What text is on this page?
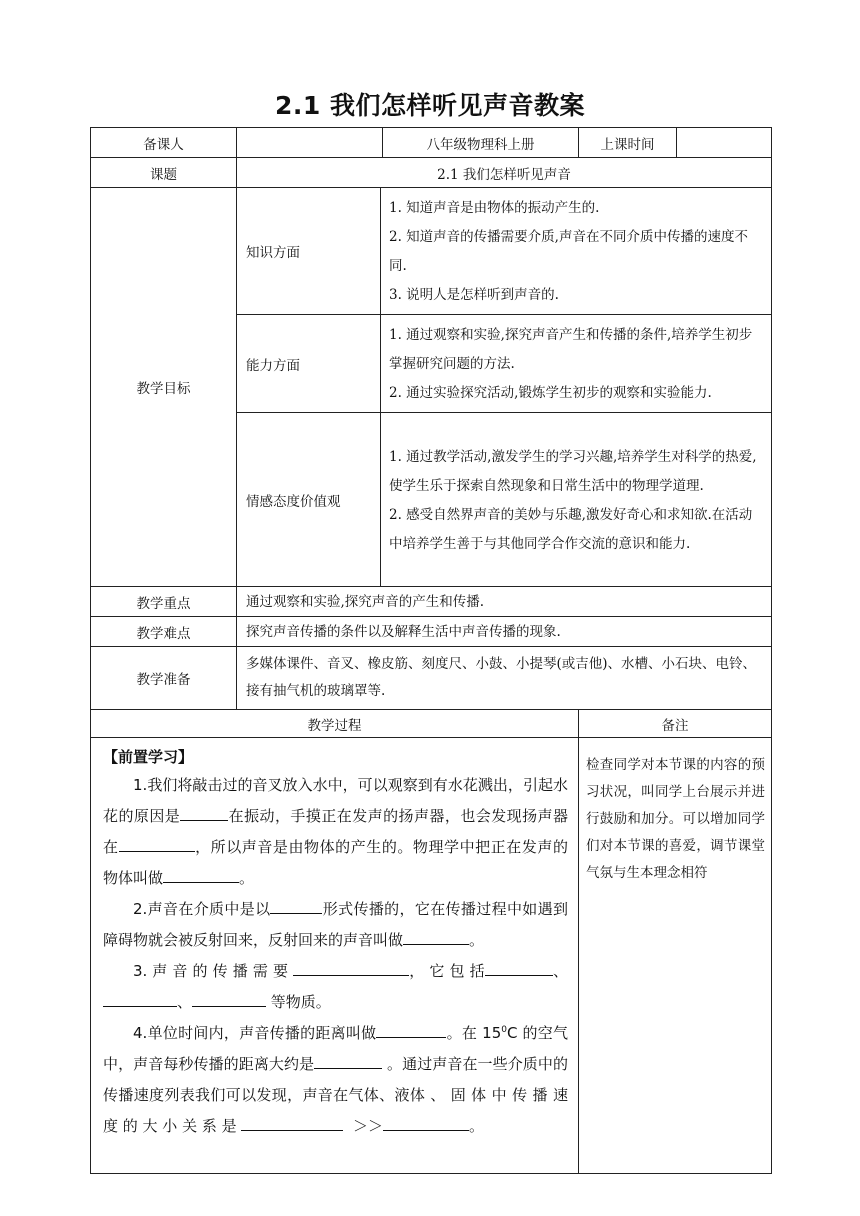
2.1 我们怎样听见声音教案
备课人			八年级物理科上册	上课时间	
课题	2.1 我们怎样听见声音				
教学目标	知识方面	1. 知道声音是由物体的振动产生的.
2. 知道声音的传播需要介质,声音在不同介质中传播的速度不同.
3. 说明人是怎样听到声音的.			

	能力方面	1. 通过观察和实验,探究声音产生和传播的条件,培养学生初步掌握研究问题的方法.
2. 通过实验探究活动,锻炼学生初步的观察和实验能力.			

	情感态度价值观	1. 通过教学活动,激发学生的学习兴趣,培养学生对科学的热爱,使学生乐于探索自然现象和日常生活中的物理学道理.
2. 感受自然界声音的美妙与乐趣,激发好奇心和求知欲.在活动中培养学生善于与其他同学合作交流的意识和能力.			

教学重点	通过观察和实验,探究声音的产生和传播.				
教学难点	探究声音传播的条件以及解释生活中声音传播的现象.				
教学准备	多媒体课件、音叉、橡皮筋、刻度尺、小鼓、小提琴(或吉他)、水槽、小石块、电铃、接有抽气机的玻璃罩等.				
教学过程				备注	

【前置学习】

1.我们将敲击过的音叉放入水中，可以观察到有水花溅出，引起水花的原因是 在振动，手摸正在发声的扬声器，也会发现扬声器在 ，所以声音是由物体的产生的。物理学中把正在发声的物体叫做 。

2.声音在介质中是以 形式传播的，它在传播过程中如遇到障碍物就会被反射回来，反射回来的声音叫做 。

3. 声 音 的 传 播 需 要 ， 它 包 括 、、 等物质。

4.单位时间内，声音传播的距离叫做 。在 $15^0C$ 的空气中，声音每秒传播的距离大约是 。通过声音在一些介质中的传播速度列表我们可以发现，声音在气体、液体 、 固 体 中 传 播 速 度 的 大 小 关 系 是 ＞＞ 。				检查同学对本节课的内容的预习状况，叫同学上台展示并进行鼓励和加分。可以增加同学们对本节课的喜爱，调节课堂气氛与生本理念相符	
